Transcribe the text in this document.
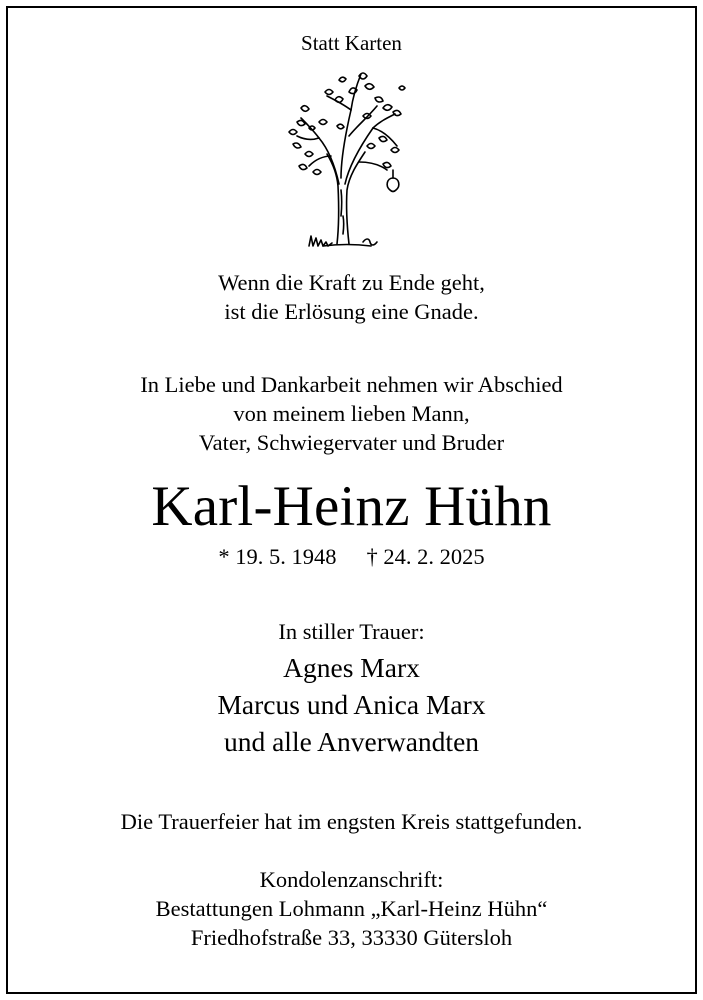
Statt Karten
Wenn die Kraft zu Ende geht,
ist die Erlösung eine Gnade.
In Liebe und Dankarbeit nehmen wir Abschied
von meinem lieben Mann,
Vater, Schwiegervater und Bruder
Karl-Heinz Hühn
* 19. 5. 1948 † 24. 2. 2025
In stiller Trauer:
Agnes Marx
Marcus und Anica Marx
und alle Anverwandten
Die Trauerfeier hat im engsten Kreis stattgefunden.
Kondolenzanschrift:
Bestattungen Lohmann „Karl-Heinz Hühn“
Friedhofstraße 33, 33330 Gütersloh
